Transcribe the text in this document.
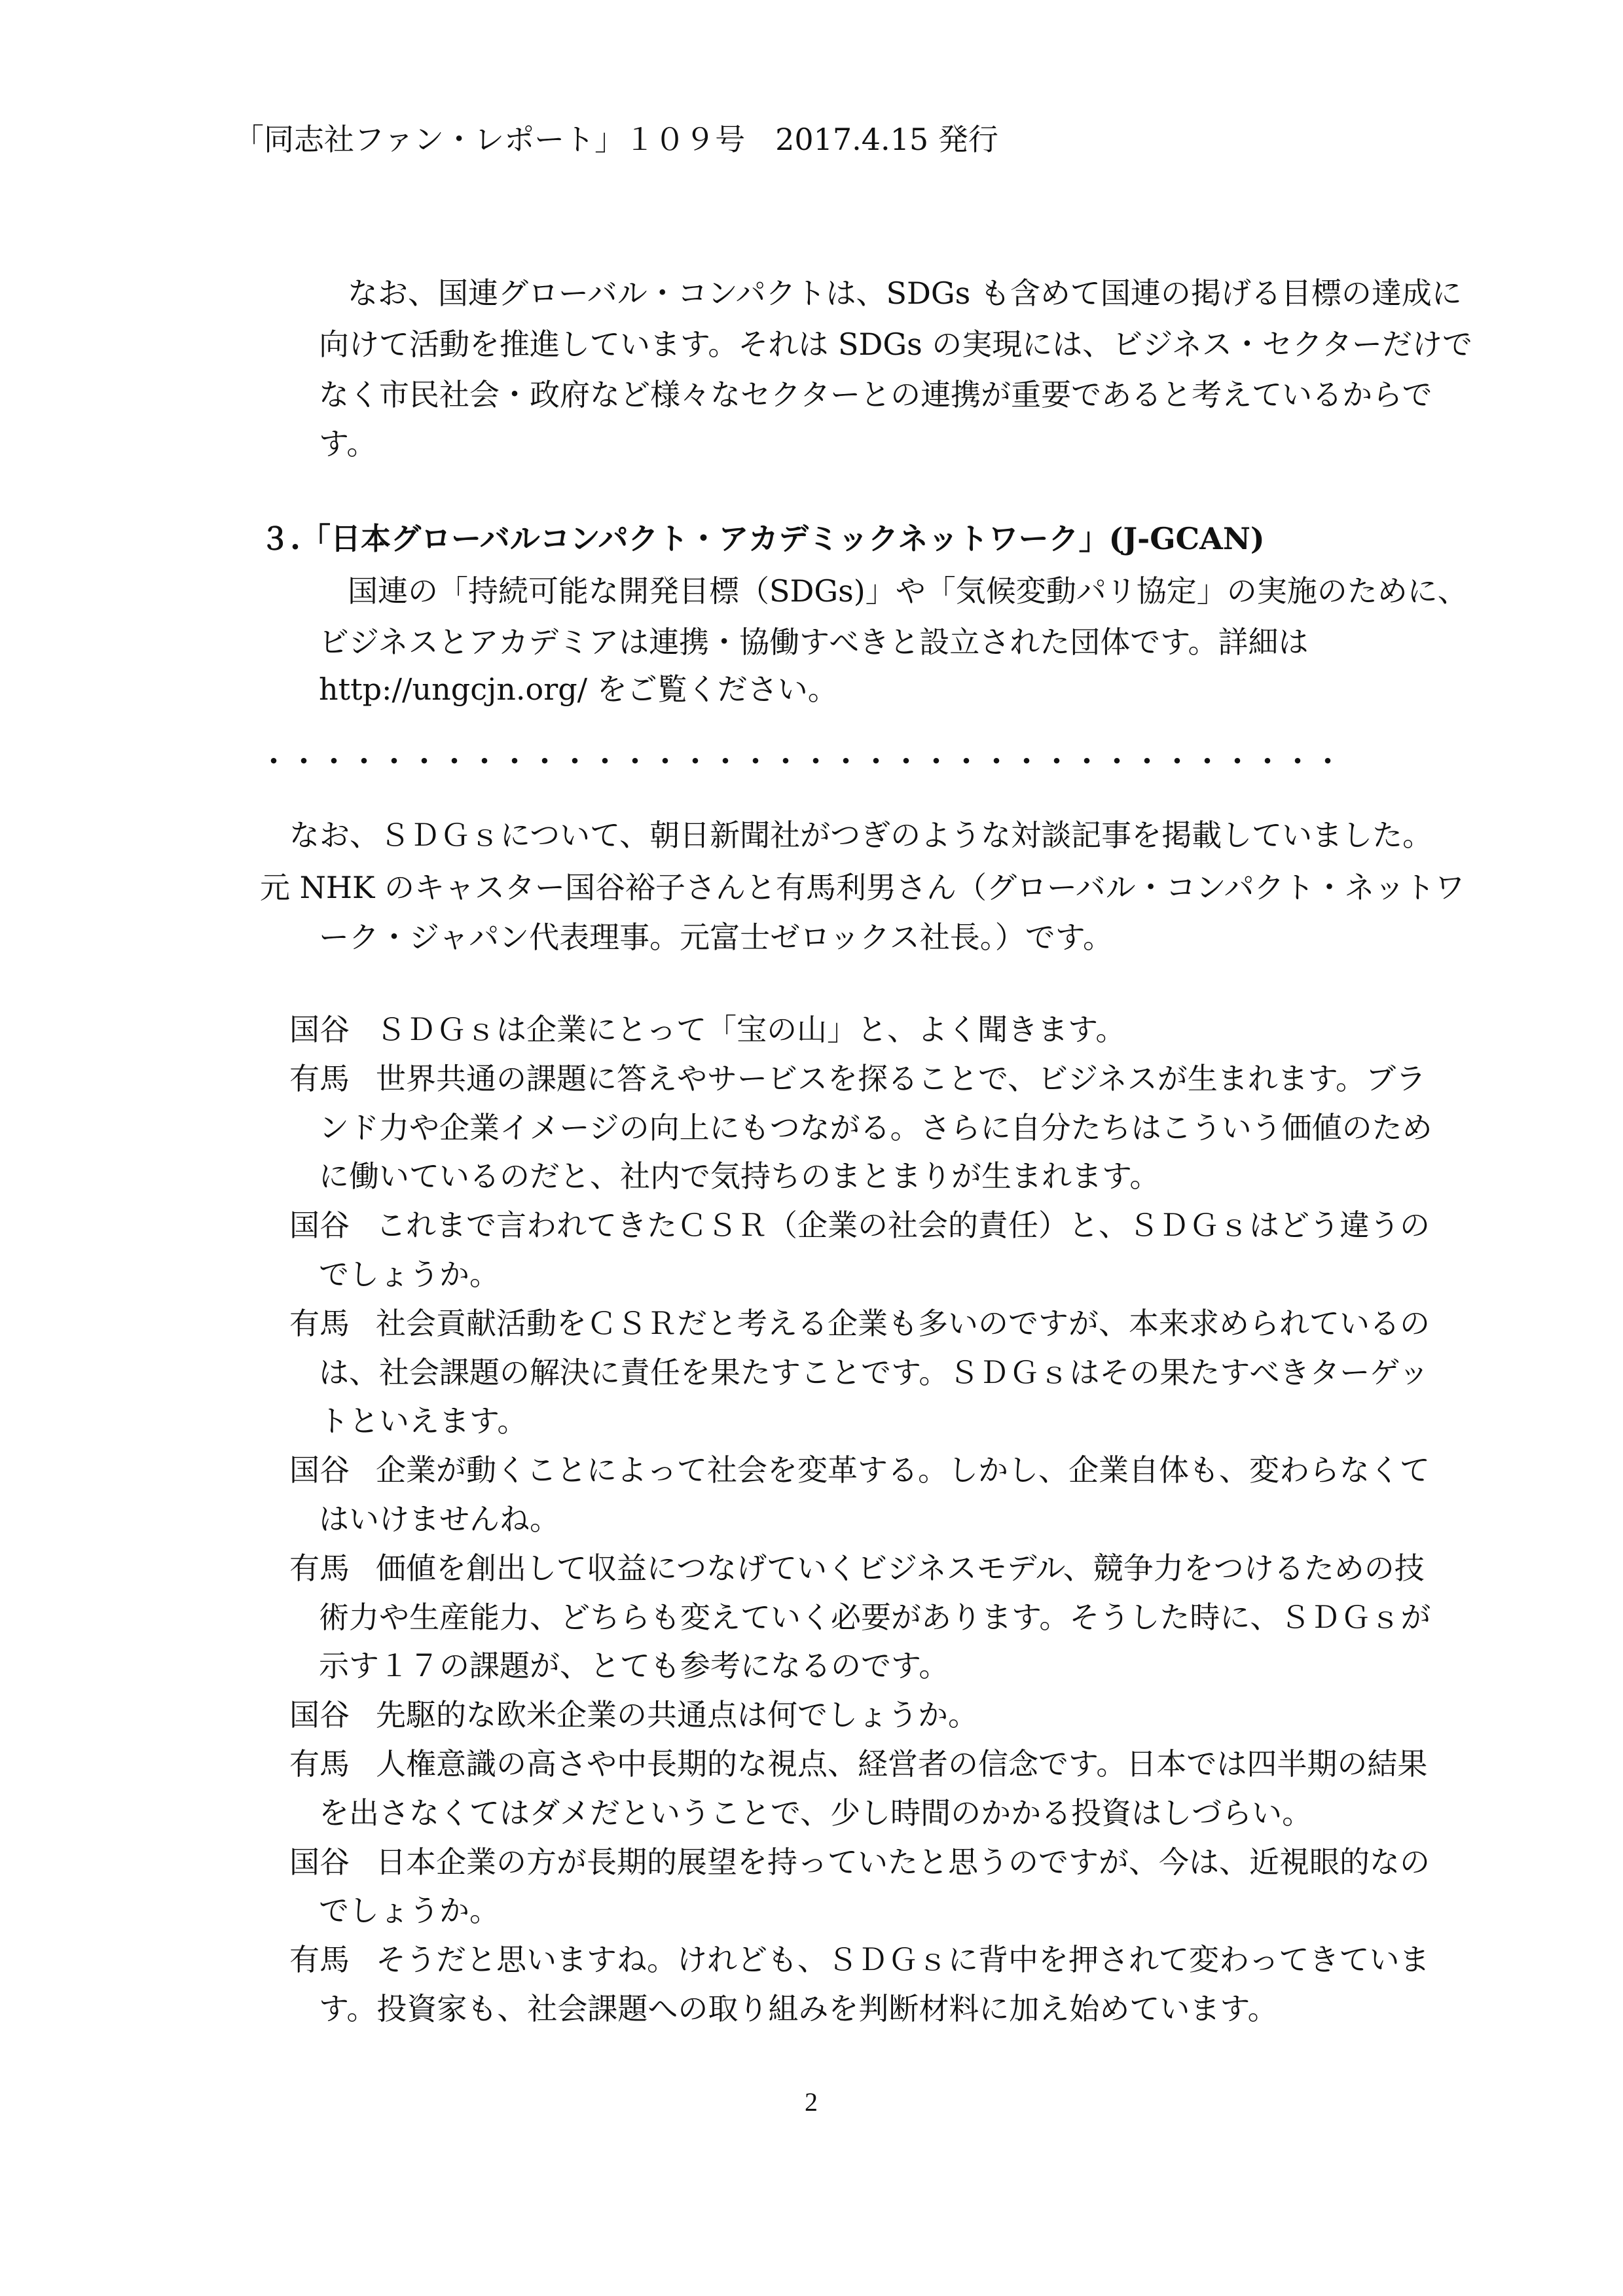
「同志社ファン・レポート」１０９号　2017.4.15 発行
なお、国連グローバル・コンパクトは、SDGs も含めて国連の掲げる目標の達成に
向けて活動を推進しています。それは SDGs の実現には、ビジネス・セクターだけで
なく市民社会・政府など様々なセクターとの連携が重要であると考えているからで
す。
３.「日本グローバルコンパクト・アカデミックネットワーク」(J-GCAN)
国連の「持続可能な開発目標（SDGs)」や「気候変動パリ協定」の実施のために、
ビジネスとアカデミアは連携・協働すべきと設立された団体です。詳細は
http://ungcjn.org/ をご覧ください。
・・・・・・・・・・・・・・・・・・・・・・・・・・・・・・・・・・・・
なお、ＳＤＧｓについて、朝日新聞社がつぎのような対談記事を掲載していました。
元 NHK のキャスター国谷裕子さんと有馬利男さん（グローバル・コンパクト・ネットワ
ーク・ジャパン代表理事。元富士ゼロックス社長。）です。
国谷 ＳＤＧｓは企業にとって「宝の山」と、よく聞きます。
有馬 世界共通の課題に答えやサービスを探ることで、ビジネスが生まれます。ブラ
ンド力や企業イメージの向上にもつながる。さらに自分たちはこういう価値のため
に働いているのだと、社内で気持ちのまとまりが生まれます。
国谷 これまで言われてきたＣＳＲ（企業の社会的責任）と、ＳＤＧｓはどう違うの
でしょうか。
有馬 社会貢献活動をＣＳＲだと考える企業も多いのですが、本来求められているの
は、社会課題の解決に責任を果たすことです。ＳＤＧｓはその果たすべきターゲッ
トといえます。
国谷 企業が動くことによって社会を変革する。しかし、企業自体も、変わらなくて
はいけませんね。
有馬 価値を創出して収益につなげていくビジネスモデル、競争力をつけるための技
術力や生産能力、どちらも変えていく必要があります。そうした時に、ＳＤＧｓが
示す１７の課題が、とても参考になるのです。
国谷 先駆的な欧米企業の共通点は何でしょうか。
有馬 人権意識の高さや中長期的な視点、経営者の信念です。日本では四半期の結果
を出さなくてはダメだということで、少し時間のかかる投資はしづらい。
国谷 日本企業の方が長期的展望を持っていたと思うのですが、今は、近視眼的なの
でしょうか。
有馬 そうだと思いますね。けれども、ＳＤＧｓに背中を押されて変わってきていま
す。投資家も、社会課題への取り組みを判断材料に加え始めています。
2
